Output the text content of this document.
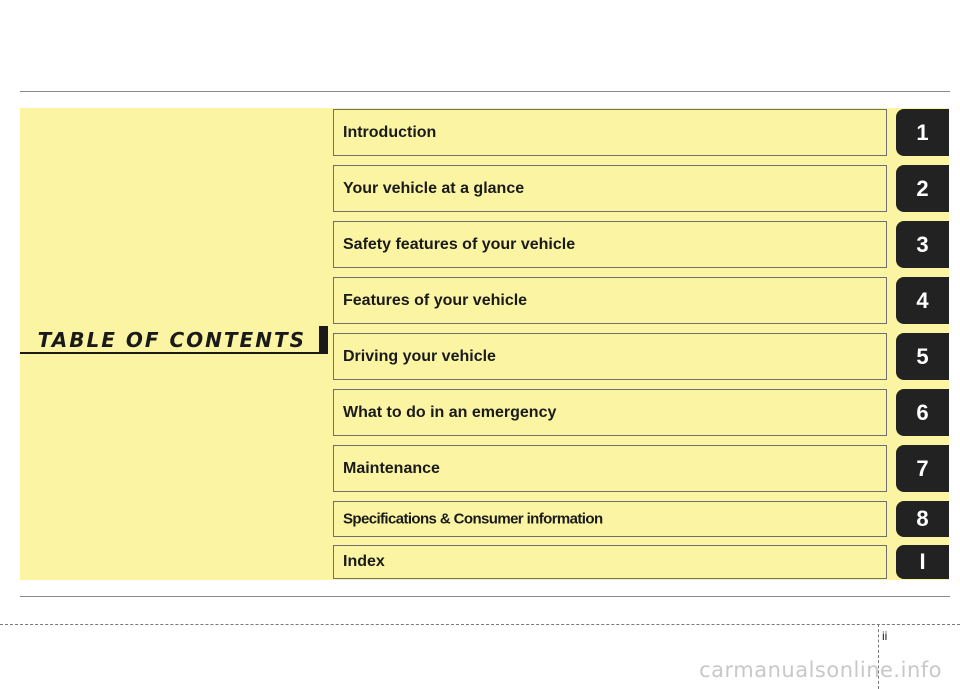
TABLE OF CONTENTS
Introduction
Your vehicle at a glance
Safety features of your vehicle
Features of your vehicle
Driving your vehicle
What to do in an emergency
Maintenance
Specifications & Consumer information
Index
1
2
3
4
5
6
7
8
I
ii
carmanualsonline.info
